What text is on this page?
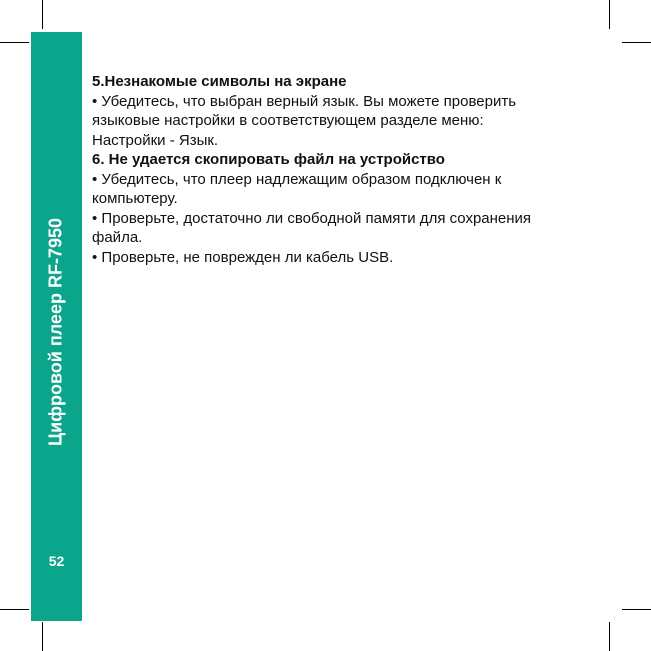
Цифровой плеер RF-7950
52

5.Незнакомые символы на экране

• Убедитесь, что выбран верный язык. Вы можете проверить

языковые настройки в соответствующем разделе меню:

Настройки - Язык.

6. Не удается скопировать файл на устройство

• Убедитесь, что плеер надлежащим образом подключен к

компьютеру.

• Проверьте, достаточно ли свободной памяти для сохранения

файла.

• Проверьте, не поврежден ли кабель USB.
